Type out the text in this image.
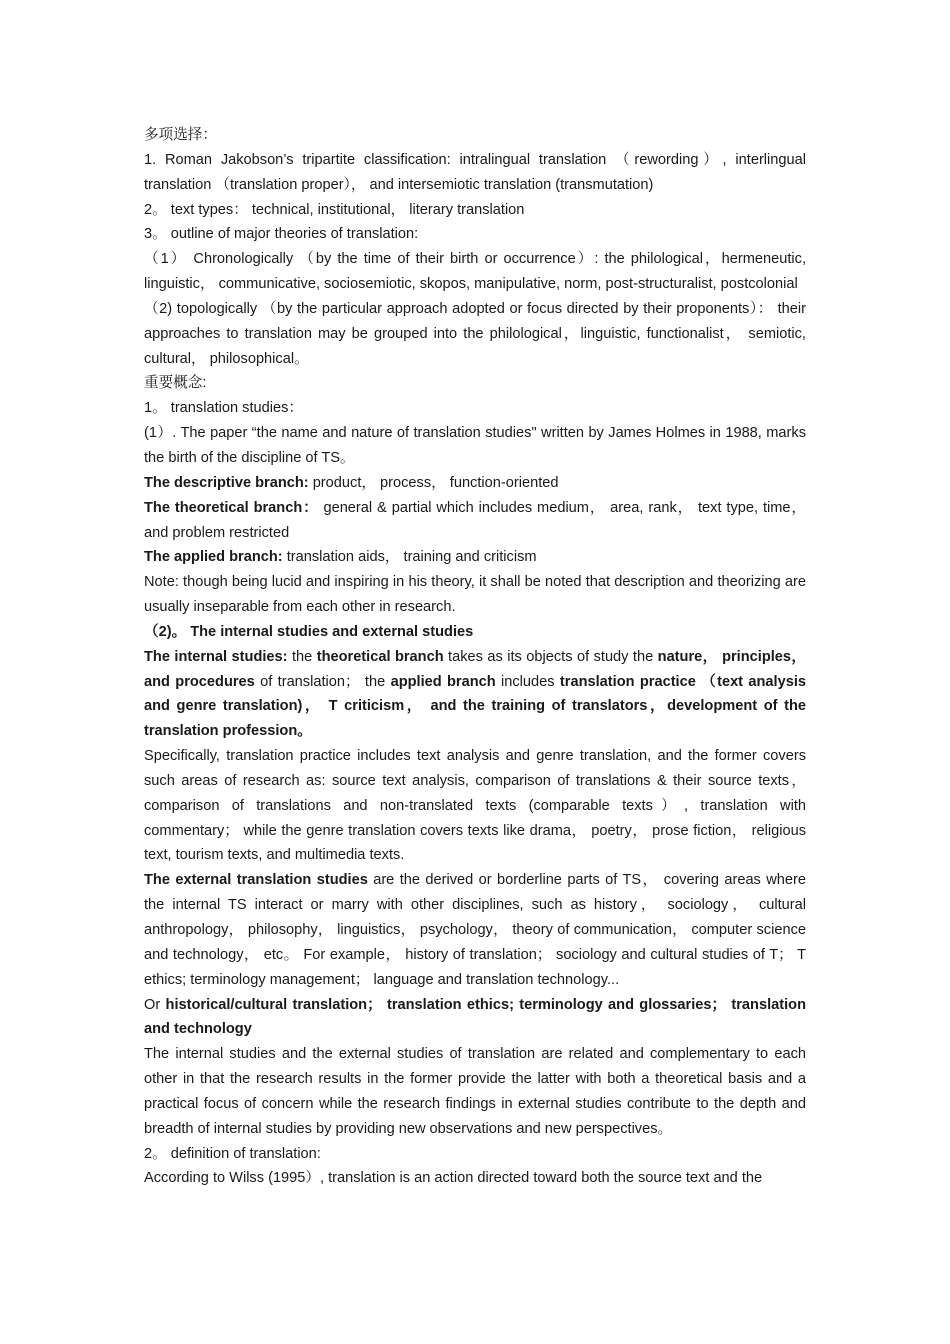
多项选择：

1. Roman Jakobson’s tripartite classification: intralingual translation （rewording）, interlingual translation （translation proper）， and intersemiotic translation (transmutation)

2。 text types： technical, institutional， literary translation

3。 outline of major theories of translation:

（1） Chronologically （by the time of their birth or occurrence）: the philological，hermeneutic, linguistic， communicative, sociosemiotic, skopos, manipulative, norm, post-structuralist, postcolonial

（2) topologically （by the particular approach adopted or focus directed by their proponents）： their approaches to translation may be grouped into the philological，linguistic, functionalist， semiotic, cultural， philosophical。

重要概念:

1。 translation studies：

(1）. The paper “the name and nature of translation studies" written by James Holmes in 1988, marks the birth of the discipline of TS。

The descriptive branch: product， process， function-oriented

The theoretical branch： general & partial which includes medium， area, rank， text type, time， and problem restricted

The applied branch: translation aids， training and criticism

Note: though being lucid and inspiring in his theory, it shall be noted that description and theorizing are usually inseparable from each other in research.

（2)。 The internal studies and external studies

The internal studies: the theoretical branch takes as its objects of study the nature， principles， and procedures of translation； the applied branch includes translation practice （text analysis and genre translation)， T criticism， and the training of translators，development of the translation profession。

Specifically, translation practice includes text analysis and genre translation, and the former covers such areas of research as: source text analysis, comparison of translations & their source texts， comparison of translations and non-translated texts (comparable texts）, translation with commentary； while the genre translation covers texts like drama， poetry， prose fiction， religious text, tourism texts, and multimedia texts.

The external translation studies are the derived or borderline parts of TS， covering areas where the internal TS interact or marry with other disciplines, such as history， sociology， cultural anthropology， philosophy， linguistics， psychology， theory of communication， computer science and technology， etc。 For example， history of translation； sociology and cultural studies of T； T ethics; terminology management； language and translation technology...

Or historical/cultural translation； translation ethics; terminology and glossaries； translation and technology

The internal studies and the external studies of translation are related and complementary to each other in that the research results in the former provide the latter with both a theoretical basis and a practical focus of concern while the research findings in external studies contribute to the depth and breadth of internal studies by providing new observations and new perspectives。

2。 definition of translation:

According to Wilss (1995）, translation is an action directed toward both the source text and the
